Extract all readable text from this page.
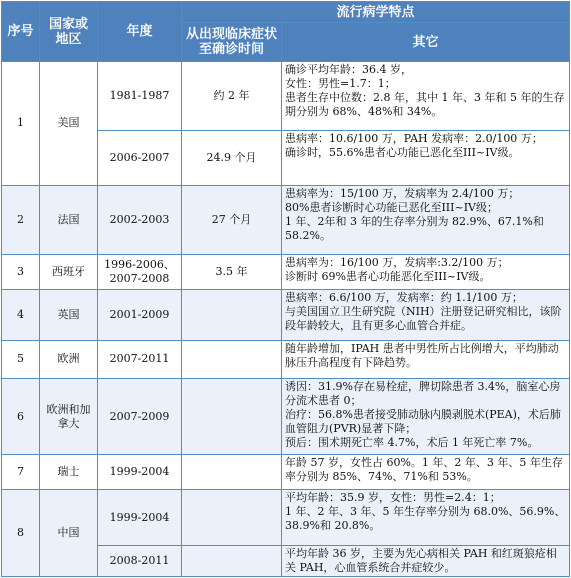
序号	国家或地区	年度	流行病学特点	
			从出现临床症状至确诊时间	其它
1	美国	1981-1987	约 2 年	确诊平均年龄：36.4 岁，
女性：男性=1.7：1；
患者生存中位数：2.8 年，其中 1 年、3 年和 5 年的生存期分别为 68%、48%和 34%。

		2006-2007	24.9 个月	患病率：10.6/100 万，PAH 发病率：2.0/100 万；
确诊时，55.6%患者心功能已恶化至III~IV级。

2	法国	2002-2003	27 个月	患病率为：15/100 万，发病率为 2.4/100 万；
80%患者诊断时心功能已恶化至III~IV级；
1 年、2年和 3 年的生存率分别为 82.9%、67.1%和 58.2%。

3	西班牙	1996-2006、2007-2008	3.5 年	患病率为：16/100 万，发病率:3.2/100 万；
诊断时 69%患者心功能恶化至III~IV级。

4	英国	2001-2009		患病率：6.6/100 万，发病率：约 1.1/100 万；
与美国国立卫生研究院（NIH）注册登记研究相比，该阶段年龄较大，且有更多心血管合并症。

5	欧洲	2007-2011		随年龄增加，IPAH 患者中男性所占比例增大，平均肺动脉压升高程度有下降趋势。

6	欧洲和加拿大	2007-2009		诱因：31.9%存在易栓症，脾切除患者 3.4%，脑室心房分流术患者 0；
治疗：56.8%患者接受肺动脉内膜剥脱术(PEA)，术后肺血管阻力(PVR)显著下降；
预后：围术期死亡率 4.7%，术后 1 年死亡率 7%。

7	瑞士	1999-2004		年龄 57 岁，女性占 60%。1 年、2 年、3 年、5 年生存率分别为 85%、74%、71%和 53%。

8	中国	1999-2004		平均年龄：35.9 岁，女性：男性=2.4：1；
1 年、2 年、3 年、5 年生存率分别为 68.0%、56.9%、38.9%和 20.8%。

		2008-2011		平均年龄 36 岁，主要为先心病相关 PAH 和红斑狼疮相关 PAH，心血管系统合并症较少。
